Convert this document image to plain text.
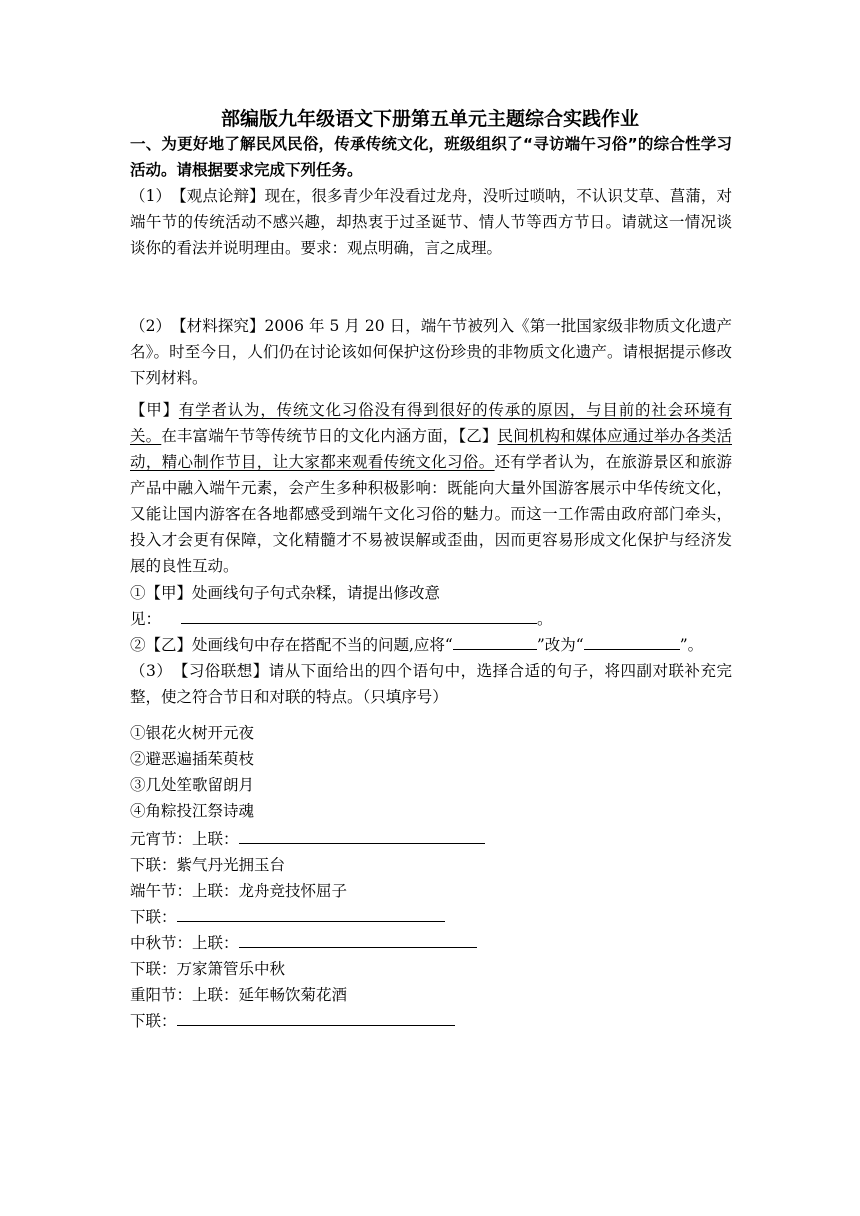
部编版九年级语文下册第五单元主题综合实践作业
一、为更好地了解民风民俗，传承传统文化，班级组织了“寻访端午习俗”的综合性学习活动。请根据要求完成下列任务。
（1）　【观点论辩】现在，很多青少年没看过龙舟，没听过唢呐，不认识艾草、菖蒲，对端午节的传统活动不感兴趣，却热衷于过圣诞节、情人节等西方节日。请就这一情况谈谈你的看法并说明理由。要求：观点明确，言之成理。
（2）　【材料探究】2006 年 5 月 20 日，端午节被列入《第一批国家级非物质文化遗产名》。时至今日，人们仍在讨论该如何保护这份珍贵的非物质文化遗产。请根据提示修改下列材料。
【甲】有学者认为，传统文化习俗没有得到很好的传承的原因，与目前的社会环境有关。在丰富端午节等传统节日的文化内涵方面，【乙】民间机构和媒体应通过举办各类活动，精心制作节目，让大家都来观看传统文化习俗。还有学者认为，在旅游景区和旅游产品中融入端午元素，会产生多种积极影响：既能向大量外国游客展示中华传统文化，又能让国内游客在各地都感受到端午文化习俗的魅力。而这一工作需由政府部门牵头，投入才会更有保障，文化精髓才不易被误解或歪曲，因而更容易形成文化保护与经济发展的良性互动。
①【甲】处画线句子句式杂糅，请提出修改意
见：	。
②【乙】处画线句中存在搭配不当的问题,应将“	”改为“	”。
（3）　【习俗联想】请从下面给出的四个语句中，选择合适的句子，将四副对联补充完整，使之符合节日和对联的特点。（只填序号）
①银花火树开元夜
②避恶遍插茱萸枝
③几处笙歌留朗月
④角粽投江祭诗魂
元宵节：上联：
下联：紫气丹光拥玉台
端午节：上联：龙舟竞技怀屈子
下联：
中秋节：上联：
下联：万家箫管乐中秋
重阳节：上联：延年畅饮菊花酒
下联：
